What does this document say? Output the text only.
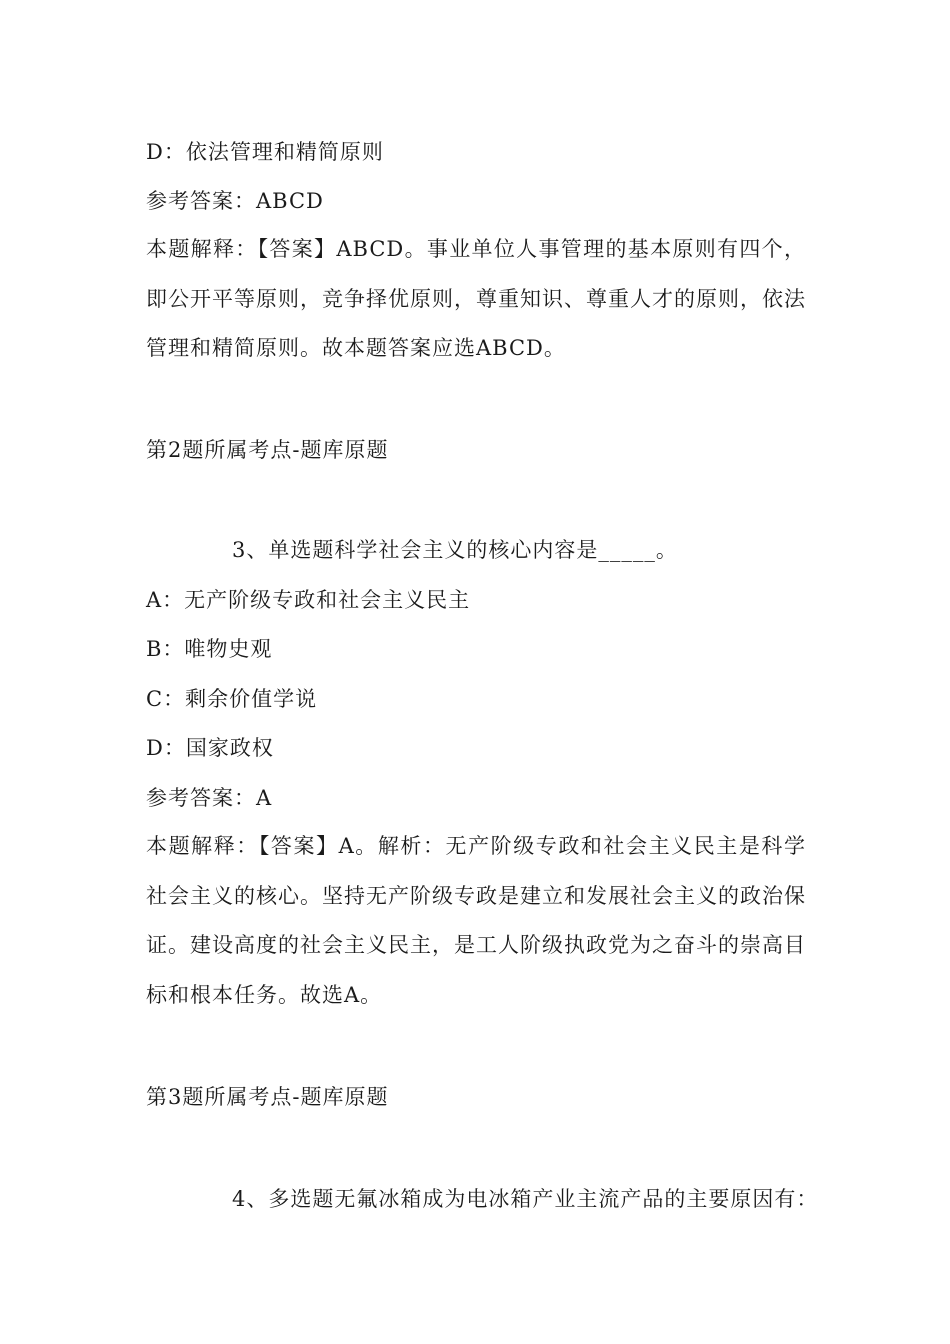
D：依法管理和精简原则
参考答案：ABCD
本题解释：【答案】ABCD。事业单位人事管理的基本原则有四个，即公开平等原则，竞争择优原则，尊重知识、尊重人才的原则，依法管理和精简原则。故本题答案应选ABCD。
第2题所属考点-题库原题
3、单选题科学社会主义的核心内容是_____。
A：无产阶级专政和社会主义民主
B：唯物史观
C：剩余价值学说
D：国家政权
参考答案：A
本题解释：【答案】A。解析：无产阶级专政和社会主义民主是科学社会主义的核心。坚持无产阶级专政是建立和发展社会主义的政治保证。建设高度的社会主义民主，是工人阶级执政党为之奋斗的崇高目标和根本任务。故选A。
第3题所属考点-题库原题
4、多选题无氟冰箱成为电冰箱产业主流产品的主要原因有：
